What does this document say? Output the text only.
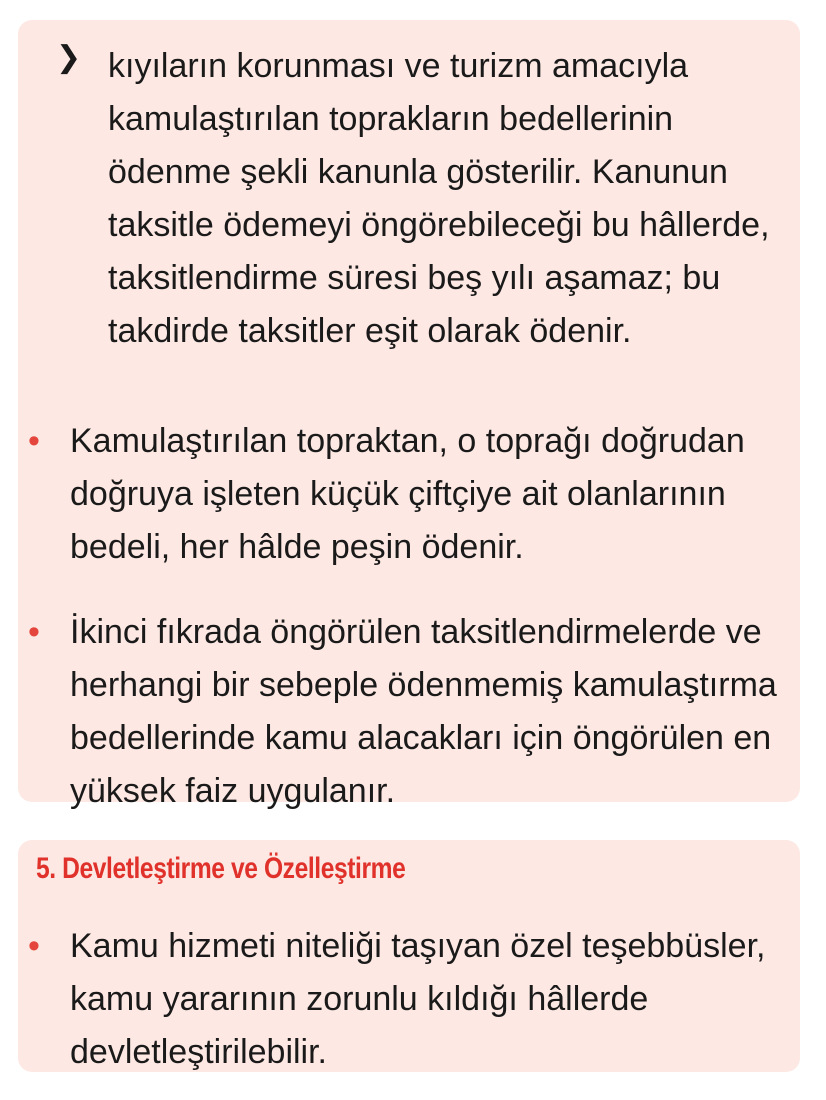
❯ kıyıların korunması ve turizm amacıyla kamulaştırılan toprakların bedellerinin ödenme şekli kanunla gösterilir. Kanunun taksitle ödemeyi öngörebileceği bu hâllerde, taksitlendirme süresi beş yılı aşamaz; bu takdirde taksitler eşit olarak ödenir.

• Kamulaştırılan topraktan, o toprağı doğrudan doğruya işleten küçük çiftçiye ait olanlarının bedeli, her hâlde peşin ödenir.

• İkinci fıkrada öngörülen taksitlendirmelerde ve herhangi bir sebeple ödenmemiş kamulaştırma bedellerinde kamu alacakları için öngörülen en yüksek faiz uygulanır.

5. Devletleştirme ve Özelleştirme
• Kamu hizmeti niteliği taşıyan özel teşebbüsler, kamu yararının zorunlu kıldığı hâllerde devletleştirilebilir.
